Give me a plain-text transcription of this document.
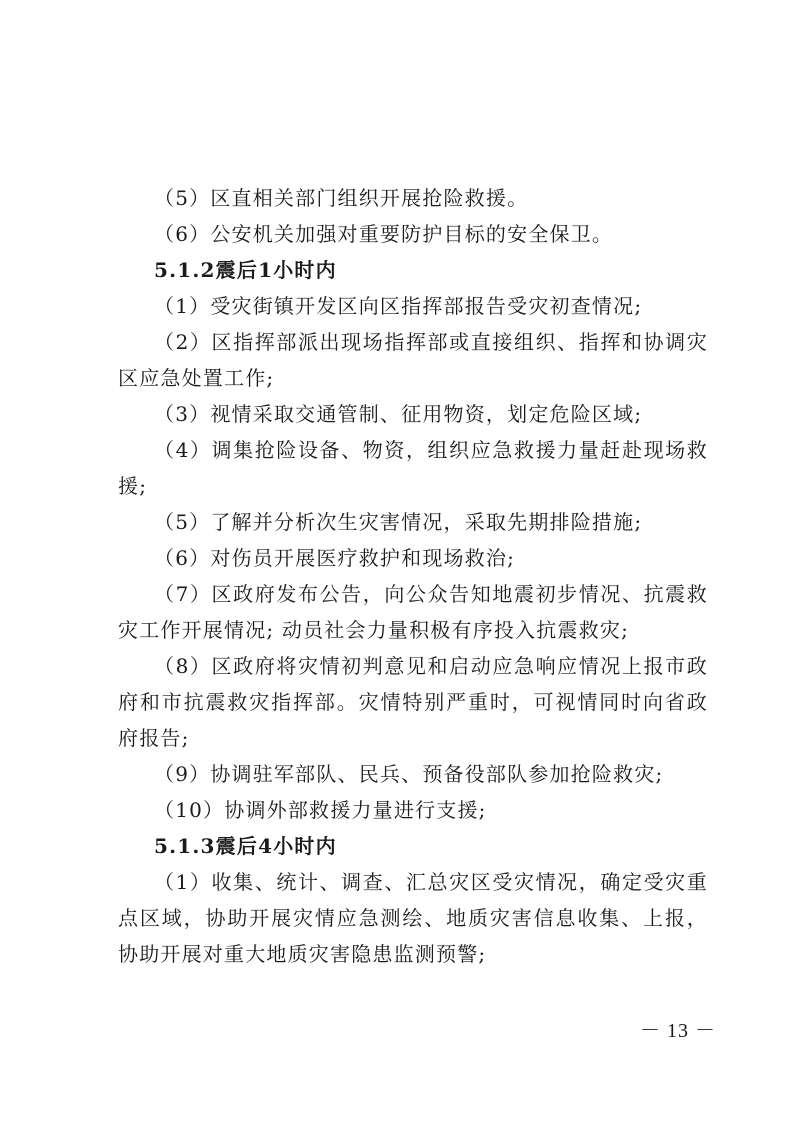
（5）区直相关部门组织开展抢险救援。

（6）公安机关加强对重要防护目标的安全保卫。

5.1.2震后1小时内

（1）受灾街镇开发区向区指挥部报告受灾初查情况;

（2）区指挥部派出现场指挥部或直接组织、指挥和协调灾区应急处置工作;

（3）视情采取交通管制、征用物资，划定危险区域;

（4）调集抢险设备、物资，组织应急救援力量赶赴现场救援;

（5）了解并分析次生灾害情况，采取先期排险措施;

（6）对伤员开展医疗救护和现场救治;

（7）区政府发布公告，向公众告知地震初步情况、抗震救灾工作开展情况; 动员社会力量积极有序投入抗震救灾;

（8）区政府将灾情初判意见和启动应急响应情况上报市政府和市抗震救灾指挥部。灾情特别严重时，可视情同时向省政府报告;

（9）协调驻军部队、民兵、预备役部队参加抢险救灾;

（10）协调外部救援力量进行支援;

5.1.3震后4小时内

（1）收集、统计、调查、汇总灾区受灾情况，确定受灾重点区域，协助开展灾情应急测绘、地质灾害信息收集、上报，协助开展对重大地质灾害隐患监测预警;

－ 13 －
